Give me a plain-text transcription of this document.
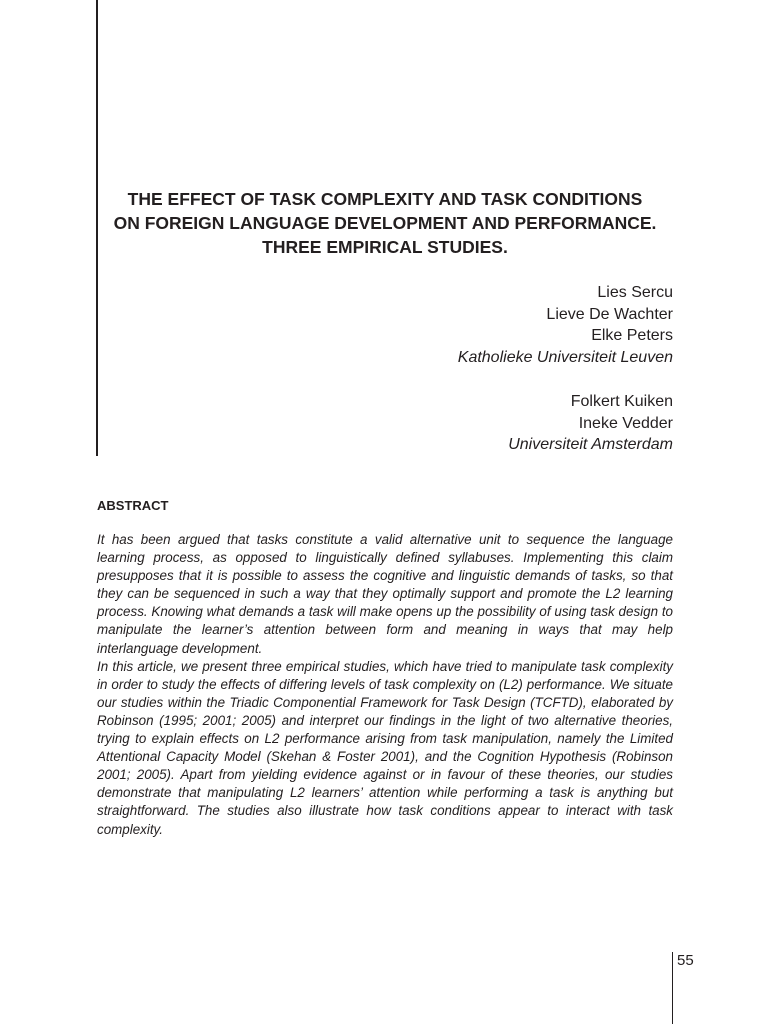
THE EFFECT OF TASK COMPLEXITY AND TASK CONDITIONS
ON FOREIGN LANGUAGE DEVELOPMENT AND PERFORMANCE.
THREE EMPIRICAL STUDIES.
Lies Sercu
Lieve De Wachter
Elke Peters
Katholieke Universiteit Leuven
Folkert Kuiken
Ineke Vedder
Universiteit Amsterdam
ABSTRACT

It has been argued that tasks constitute a valid alternative unit to sequence the language learning process, as opposed to linguistically defined syllabuses. Implementing this claim presupposes that it is possible to assess the cognitive and linguistic demands of tasks, so that they can be sequenced in such a way that they optimally support and promote the L2 learning process. Knowing what demands a task will make opens up the possibility of using task design to manipulate the learner’s attention between form and meaning in ways that may help interlanguage development.

In this article, we present three empirical studies, which have tried to manipulate task complexity in order to study the effects of differing levels of task complexity on (L2) performance. We situate our studies within the Triadic Componential Framework for Task Design (TCFTD), elaborated by Robinson (1995; 2001; 2005) and interpret our findings in the light of two alternative theories, trying to explain effects on L2 performance arising from task manipulation, namely the Limited Attentional Capacity Model (Skehan & Foster 2001), and the Cognition Hypothesis (Robinson 2001; 2005). Apart from yielding evidence against or in favour of these theories, our studies demonstrate that manipulating L2 learners’ attention while performing a task is anything but straightforward. The studies also illustrate how task conditions appear to interact with task complexity.

55
